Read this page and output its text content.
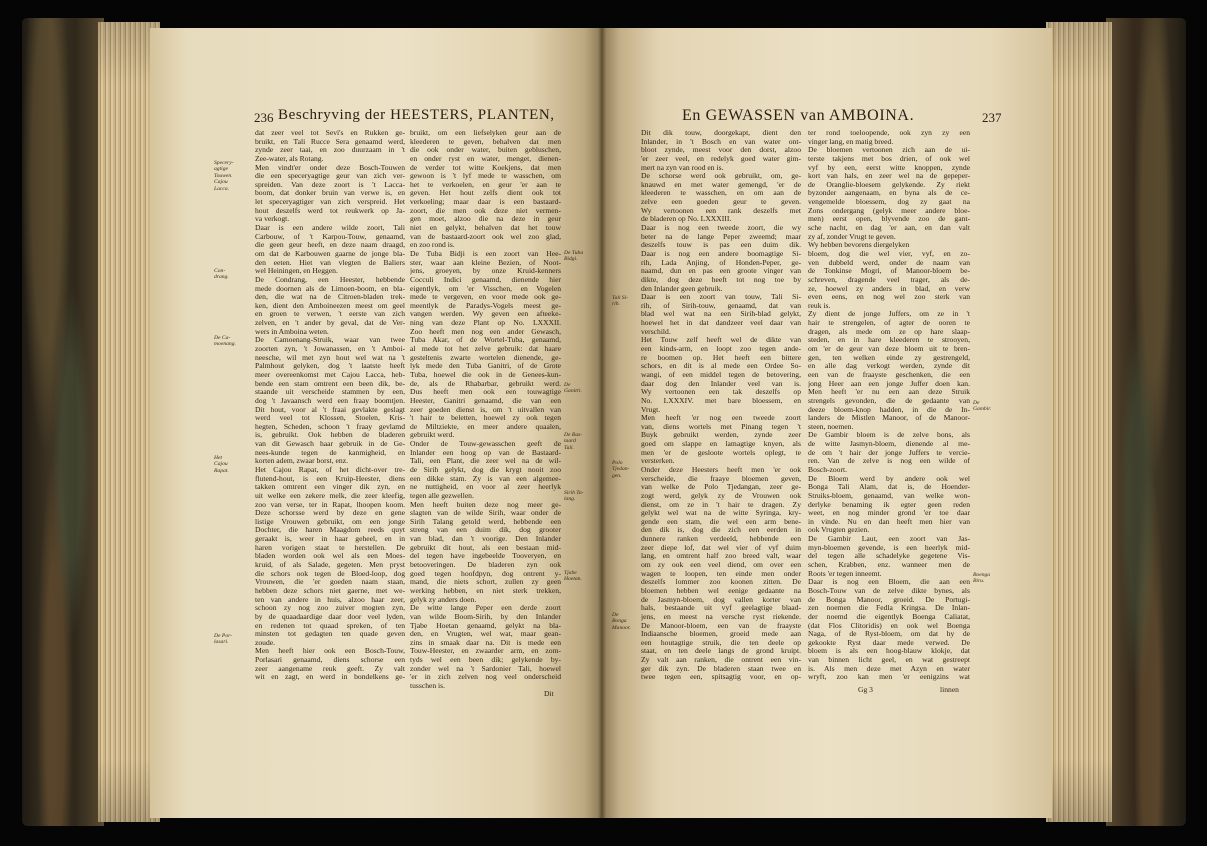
236 Beschryving der HEESTERS, PLANTEN,
dat zeer veel tot Sevi's en Rukken ge-
bruikt, en Tali Rucce Sera genaamd werd,
zynde zeer taai, en zoo duurzaam in 't
Zee-water, als Rotang.
Men vindt'er onder deze Bosch-Touwen
die een speceryagtige geur van zich ver-
spreiden. Van deze zoort is 't Lacca-
boom, dat donker bruin van verwe is, en
let speceryagtiger van zich verspreid. Het
hout deszelfs werd tot reukwerk op Ja-
va verkogt.
Daar is een andere wilde zoort, Tali
Carbouw, of 't Karpou-Touw, genaamd,
die geen geur heeft, en deze naam draagd,
om dat de Karbouwen gaarne de jonge bla-
den eeten. Hiet van vlegten de Baliers
wel Heiningen, en Heggen.
De Condrang, een Heester, hebbende
mede doornen als de Limoen-boom, en bla-
den, die wat na de Citroen-bladen trek-
ken, dient den Amboineezen meest om geel
en groen te verwen, 't eerste van zich
zelven, en 't ander by geval, dat de Ver-
wers in Amboina weten.
De Camoenang-Struik, waar van twee
zoorten zyn, 't Jowanassen, en 't Amboi-
neesche, wil met zyn hout wel wat na 't
Palmhout gelyken, dog 't laatste heeft
meer overeenkomst met Cajou Lacca, heb-
bende een stam omtrent een been dik, be-
staande uit verscheide stammen by een,
dog 't Javaansch werd een fraay boomtjen.
Dit hout, voor al 't fraai gevlakte geslagt
werd veel tot Klossen, Stoelen, Kris-
hegten, Scheden, schoon 't fraay gevlamd
is, gebruikt. Ook hebben de bladeren
van dit Gewasch haar gebruik in de Ge-
nees-kunde tegen de kanmigheid, en
korten adem, zwaar borst, enz.
Het Cajou Rapat, of het dicht-over tre-
flutend-hout, is een Kruip-Heester, diens
takken omtrent een vinger dik zyn, en
uit welke een zekere melk, die zeer kleefig,
zoo van verse, ter in Rapat, lhoopen koom.
Deze schorsse werd by deze en gene
listige Vrouwen gebruikt, om een jonge
Dochter, die haren Maagdom reeds quyt
geraakt is, weer in haar geheel, en in
haren vorigen staat te herstellen. De
bladen worden ook wel als een Moes-
kruid, of als Salade, gegeten. Men pryst
die schors ook tegen de Bloed-loop, dog
Vrouwen, die 'er goeden naam staan,
hebben deze schors niet gaerne, met we-
ten van andere in huis, alzoo haar zeer,
schoon zy nog zoo zuiver mogten zyn,
by de quaadaardige daar door veel lyden,
en redenen tot quaad spreken, of ten
minsten tot gedagten ten quade geven
zoude.
Men heeft hier ook een Bosch-Touw,
Porlasari genaamd, diens schorse een
zeer aangename reuk geeft. Zy valt
wit en zagt, en werd in bondelkens ge-
bruikt, om een liefselyken geur aan de
kleederen te geven, behalven dat men
die ook onder water, buiten gebluschen,
en onder ryst en water, menget, dienen-
de verder tot witte Koekjens, dat men
gewoon is 't lyf mede te wasschen, om
het te verkoelen, en geur 'er aan te
geven. Het hout zelfs dient ook tot
verkoeling; maar daar is een bastaard-
zoort, die men ook deze niet vermen-
gen moet, alzoo die na deze in geur
niet en gelykt, behalven dat het touw
van de bastaard-zoort ook wel zoo glad,
en zoo rond is.
De Tuba Bidji is een zoort van Hee-
ster, waar aan kleine Bezien, of Noot-
jens, groeyen, by onze Kruid-kenners
Cocculi Indici genaamd, dienende hier
eigentlyk, om 'er Visschen, en Vogelen
mede te vergeven, en voor mede ook ge-
meentlyk de Paradys-Vogels meest ge-
vangen werden. Wy geven een afteeke-
ning van deze Plant op No. LXXXII.
Zoo heeft men nog een ander Gewasch,
Tuba Akar, of de Wortel-Tuba, genaamd,
al mede tot het zelve gebruik: dat haare
gesteltenis zwarte wortelen dienende, ge-
lyk mede den Tuba Ganitri, of de Grote
Tuba, hoewel die ook in de Genees-kun-
de, als de Rhabarbar, gebruikt werd.
Dus heeft men ook een touwagtige
Heester, Ganitri genaamd, die van een
zeer goeden dienst is, om 't uitvallen van
't hair te beletten, hoewel zy ook tegen
de Miltziekte, en meer andere quaalen,
gebruikt werd.
Onder de Touw-gewasschen geeft de
Inlander een hoog op van de Bastaard-
Tali, een Plant, die zeer wel na de wil-
de Sirih gelykt, dog die krygt nooit zoo
een dikke stam. Zy is van een algemee-
ne nuttigheid, en voor al zeer heerlyk
tegen alle gezwellen.
Men heeft buiten deze nog meer ge-
slagten van de wilde Sirih, waar onder de
Sirih Talang getold werd, hebbende een
streng van een duim dik, dog grooter
van blad, dan 't voorige. Den Inlander
gebruikt dit hout, als een bestaan mid-
del tegen have ingebeelde Tooveryen, en
betooveringen. De bladeren zyn ook
goed tegen hoofdpyn, dog ontrent y-
mand, die niets schort, zullen zy geen
werking hebben, en niet sterk trekken,
gelyk zy anders doen.
De witte lange Peper een derde zoort
van wilde Boom-Sirih, by den Inlander
Tjabe Hoetan genaamd, gelykt na bla-
den, en Vrugten, wel wat, maar gean-
zins in smaak daar na. Dit is mede een
Touw-Heester, en zwaarder arm, en zom-
tyds wel een been dik; gelykende by-
zonder wel na 't Sardonier Tali, hoewel
'er in zich zelven nog veel onderscheid
tusschen is.
Specery-
agtige
Touwen.
Cajou
Lacca.
Con-
drang.
De Ca-
moenang.
Het
Cajou
Rapat.
De Por-
lasari.
De Tuba
Bidgi.
De
Ganitri.
De Bas-
taard
Tali.
Sirih Ta-
lang.
Tjabe
Hoetan.
Dit
En GEWASSEN van AMBOINA.	237
Dit dik touw, doorgekapt, dient den
Inlander, in 't Bosch en van water ont-
bloot zynde, meest voor den dorst, alzoo
'er zeer veel, en redelyk goed water gim-
mert na zyn van rood en is.
De schorse werd ook gebruikt, om, ge-
knauwd en met water gemengd, 'er de
kleederen te wasschen, en om aan de
zelve een goeden geur te geven.
Wy vertoonen een rank deszelfs met
de bladeren op No. LXXXIII.
Daar is nog een tweede zoort, die wy
beter na de lange Peper zweemd; maar
deszelfs touw is pas een duim dik.
Daar is nog een andere boomagtige Si-
rih, Lada Anjing, of Honden-Peper, ge-
naamd, dun en pas een groote vinger van
dikte, dog deze heeft tot nog toe by
den Inlander geen gebruik.
Daar is een zoort van touw, Tali Si-
rih, of Sirih-touw, genaamd, dat van
blad wel wat na een Sirih-blad gelykt,
hoewel het in dat dandzeer veel daar van
verschild.
Het Touw zelf heeft wel de dikte van
een kinds-arm, en loopt zoo tegen ande-
re boomen op. Het heeft een bittere
schors, en dit is al mede een Ordee So-
wangi, of een middel tegen de betovering,
daar dog den Inlander veel van is.
Wy vertoonen een tak deszelfs op
No. LXXXIV. met bare bloessem, en
Vrugt.
Men heeft 'er nog een tweede zoort
van, diens wortels met Pinang tegen 't
Buyk gebruikt werden, zynde zeer
goed om slappe en lamagtige knyen, als
men 'er de gesloote wortels oplegt, te
versterken.
Onder deze Heesters heeft men 'er ook
verscheide, die fraaye bloemen geven,
van welke de Polo Tjedangan, zeer ge-
zogt werd, gelyk zy de Vrouwen ook
dienst, om ze in 't hair te dragen. Zy
gelykt wel wat na de witte Syringa, kry-
gende een stam, die wel een arm bene-
den dik is, dog die zich een eerden in
dunnere ranken verdeeld, hebbende een
zeer diepe lof, dat wel vier of vyf duim
lang, en omtrent half zoo breed valt, waar
om zy ook een veel diend, om over een
wagen te loopen, ten einde men onder
deszelfs lommer zoo koonen zitten. De
bloemen hebben wel eenige gedaante na
de Jasmyn-bloem, dog vallen korter van
hals, bestaande uit vyf geelagtige blaad-
jens, en meest na versche ryst riekende.
De Manoor-bloem, een van de fraayste
Indiaansche bloemen, groeid mede aan
een houtagtige struik, die ten deele op
staat, en ten deele langs de grond kruipt.
Zy valt aan ranken, die ontrent een vin-
ger dik zyn. De bladeren staan twee en
twee tegen een, spitsagtig voor, en op-
ter rond toeloopende, ook zyn zy een
vinger lang, en matig breed.
De bloemen vertoonen zich aan de ui-
terste takjens met bos drien, of ook wel
vyf by een, eerst witte knoppen, zynde
kort van hals, en zeer wel na de gepeper-
de Oranglie-bloesem gelykende. Zy riekt
byzonder aangenaam, en byna als de ce-
vengemelde bloessem, dog zy gaat na
Zons ondergang (gelyk meer andere bloe-
men) eerst open, blyvende zoo de gant-
sche nacht, en dag 'er aan, en dan valt
zy af, zonder Vrugt te geven.
Wy hebben bevorens diergelyken
bloem, dog die wel vier, vyf, en zo-
ven dubbeld werd, onder de naam van
de Tonkinse Mogri, of Manoor-bloem be-
schreven, dragende veel trager, als de-
ze, hoewel zy anders in blad, en verw
even eens, en nog wel zoo sterk van
reuk is.
Zy dient de jonge Juffers, om ze in 't
hair te strengelen, of agter de ooren te
dragen, als mede om ze op hare slaap-
steden, en in hare kleederen te strooyen,
om 'er de geur van deze bloem uit te bren-
gen, ten welken einde zy gestrengeld,
en alle dag verkogt werden, zynde dit
een van de fraayste geschenken, die een
jong Heer aan een jonge Juffer doen kan.
Men heeft 'er nu een aan deze Struik
strengels gevonden, die de gedaante van
deeze bloem-knop hadden, in die de In-
landers de Mistlen Manoor, of de Manoor-
steen, noemen.
De Gambir bloem is de zelve bons, als
de witte Jasmyn-bloem, dienende al me-
de om 't hair der jonge Juffers te vercie-
ren. Van de zelve is nog een wilde of
Bosch-zoort.
De Bloem werd by andere ook wel
Bonga Tali Alam, dat is, de Hoender-
Struiks-bloem, genaamd, van welke won-
derlyke benaming ik egter geen reden
weet, en nog minder grond 'er toe daar
in vinde. Nu en dan heeft men hier van
ook Vrugten gezien.
De Gambir Laut, een zoort van Jas-
myn-bloemen gevende, is een heerlyk mid-
del tegen alle schadelyke gegetene Vis-
schen, Krabben, enz. wanneer men de
Roots 'er tegen inneemt.
Daar is nog een Bloem, die aan een
Bosch-Touw van de zelve dikte bynes, als
de Bonga Manoor, groeid. De Portugi-
zen noemen die Fedla Kringsa. De Inlan-
der noemd die eigentlyk Boenga Caliatat,
(dat Flos Clitoridis) en ook wel Boenga
Naga, of de Ryst-bloem, om dat hy de
gekookte Ryst daar mede verwed. De
bloem is als een hoog-blauw klokje, dat
van binnen licht geel, en wat gestreept
is. Als men deze met Azyn en water
wryft, zoo kan men 'er eenigzins wat
Tali Si-
rih.
Polo
Tjedan-
gen.
De
Bonga
Manoor.
De
Gambir.
Boenga
Biru.
Gg 3	linnen
